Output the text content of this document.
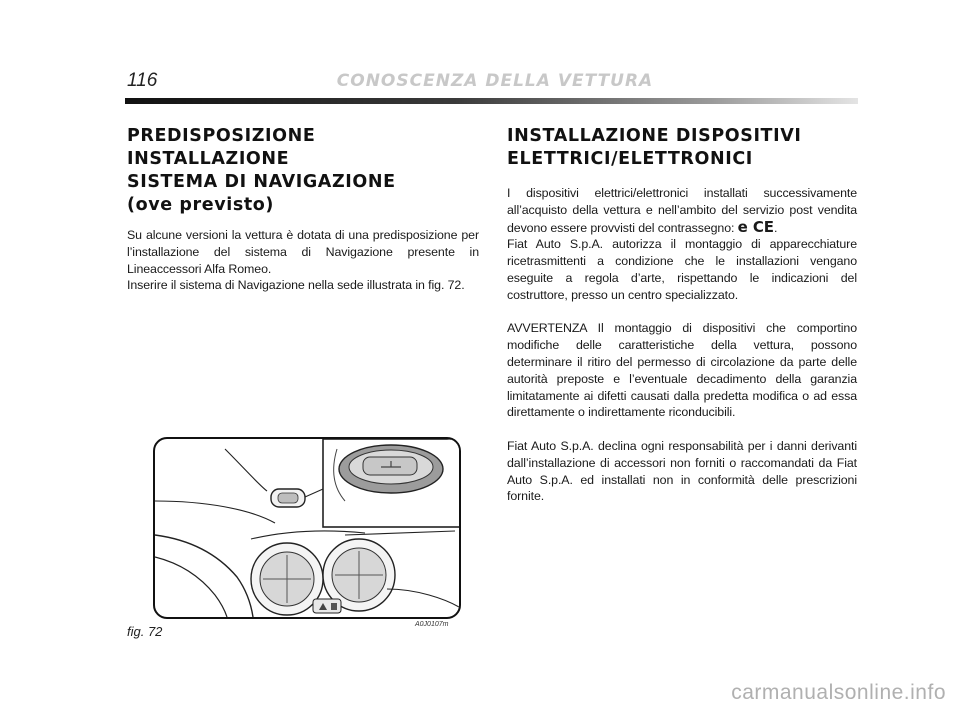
116	CONOSCENZA DELLA VETTURA
PREDISPOSIZIONE INSTALLAZIONE
SISTEMA DI NAVIGAZIONE
(ove previsto)

Su alcune versioni la vettura è dotata di una predisposizione per l’installazione del sistema di Navigazione presente in Lineaccessori Alfa Romeo.

Inserire il sistema di Navigazione nella sede illustrata in fig. 72.

INSTALLAZIONE DISPOSITIVI
ELETTRICI/ELETTRONICI

I dispositivi elettrici/elettronici installati successivamente all’acquisto della vettura e nell’ambito del servizio post vendita devono essere provvisti del contrassegno: e CE.

Fiat Auto S.p.A. autorizza il montaggio di apparecchiature ricetrasmittenti a condizione che le installazioni vengano eseguite a regola d’arte, rispettando le indicazioni del costruttore, presso un centro specializzato.

AVVERTENZA Il montaggio di dispositivi che comportino modifiche delle caratteristiche della vettura, possono determinare il ritiro del permesso di circolazione da parte delle autorità preposte e l’eventuale decadimento della garanzia limitatamente ai difetti causati dalla predetta modifica o ad essa direttamente o indirettamente riconducibili.

Fiat Auto S.p.A. declina ogni responsabilità per i danni derivanti dall’installazione di accessori non forniti o raccomandati da Fiat Auto S.p.A. ed installati non in conformità delle prescrizioni fornite.

fig. 72	A0J0107m
carmanualsonline.info
